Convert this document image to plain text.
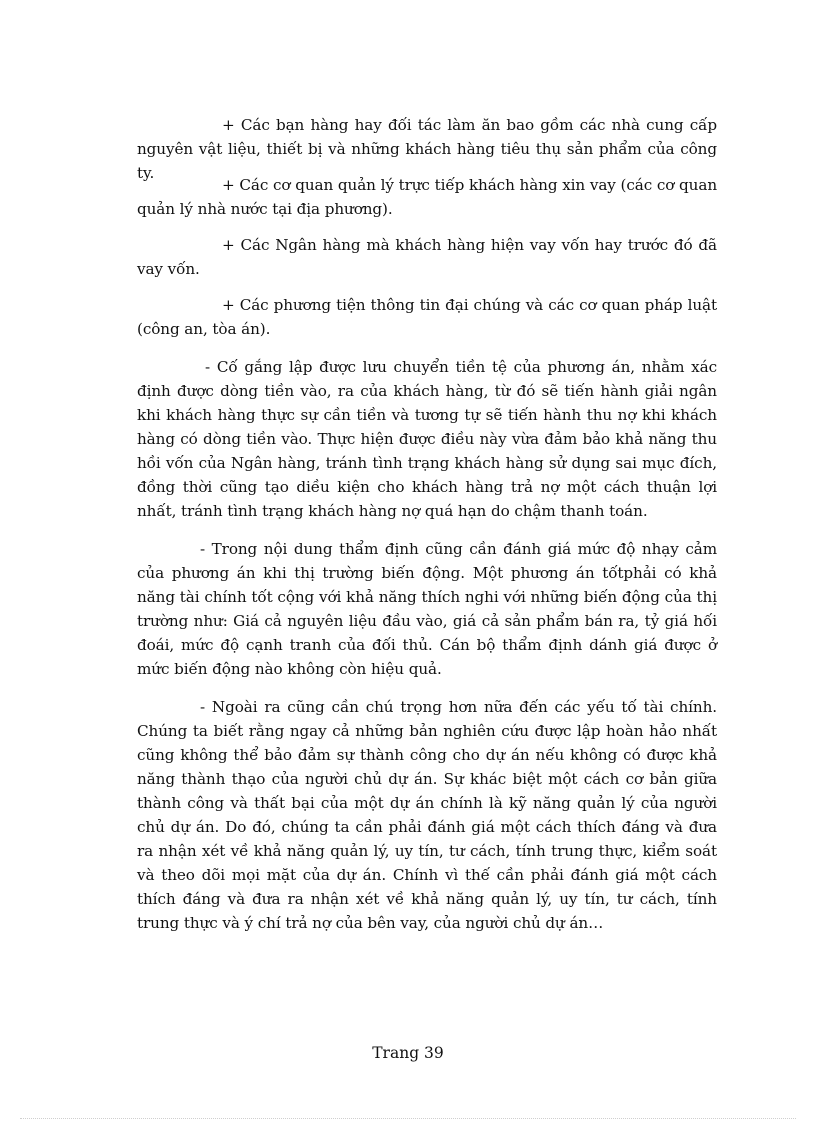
+ Các bạn hàng hay đối tác làm ăn bao gồm các nhà cung cấp nguyên vật liệu, thiết bị và những khách hàng tiêu thụ sản phẩm của công ty.

+ Các cơ quan quản lý trực tiếp khách hàng xin vay (các cơ quan quản lý nhà nước tại địa phương).

+ Các Ngân hàng mà khách hàng hiện vay vốn hay trước đó đã vay vốn.

+ Các phương tiện thông tin đại chúng và các cơ quan pháp luật (công an, tòa án).

- Cố gắng lập được lưu chuyển tiền tệ của phương án, nhằm xác định được dòng tiền vào, ra của khách hàng, từ đó sẽ tiến hành giải ngân khi khách hàng thực sự cần tiền và tương tự sẽ tiến hành thu nợ khi khách hàng có dòng tiền vào. Thực hiện được điều này vừa đảm bảo khả năng thu hồi vốn của Ngân hàng, tránh tình trạng khách hàng sử dụng sai mục đích, đồng thời cũng tạo diều kiện cho khách hàng trả nợ một cách thuận lợi nhất, tránh tình trạng khách hàng nợ quá hạn do chậm thanh toán.

- Trong nội dung thẩm định cũng cần đánh giá mức độ nhạy cảm của phương án khi thị trường biến động. Một phương án tốtphải có khả năng tài chính tốt cộng với khả năng thích nghi với những biến động của thị trường như: Giá cả nguyên liệu đầu vào, giá cả sản phẩm bán ra, tỷ giá hối đoái, mức độ cạnh tranh của đối thủ. Cán bộ thẩm định dánh giá được ở mức biến động nào không còn hiệu quả.

- Ngoài ra cũng cần chú trọng hơn nữa đến các yếu tố tài chính. Chúng ta biết rằng ngay cả những bản nghiên cứu được lập hoàn hảo nhất cũng không thể bảo đảm sự thành công cho dự án nếu không có được khả năng thành thạo của người chủ dự án. Sự khác biệt một cách cơ bản giữa thành công và thất bại của một dự án chính là kỹ năng quản lý của người chủ dự án. Do đó, chúng ta cần phải đánh giá một cách thích đáng và đưa ra nhận xét về khả năng quản lý, uy tín, tư cách, tính trung thực, kiểm soát và theo dõi mọi mặt của dự án. Chính vì thế cần phải đánh giá một cách thích đáng và đưa ra nhận xét về khả năng quản lý, uy tín, tư cách, tính trung thực và ý chí trả nợ của bên vay, của người chủ dự án…

Trang 39
